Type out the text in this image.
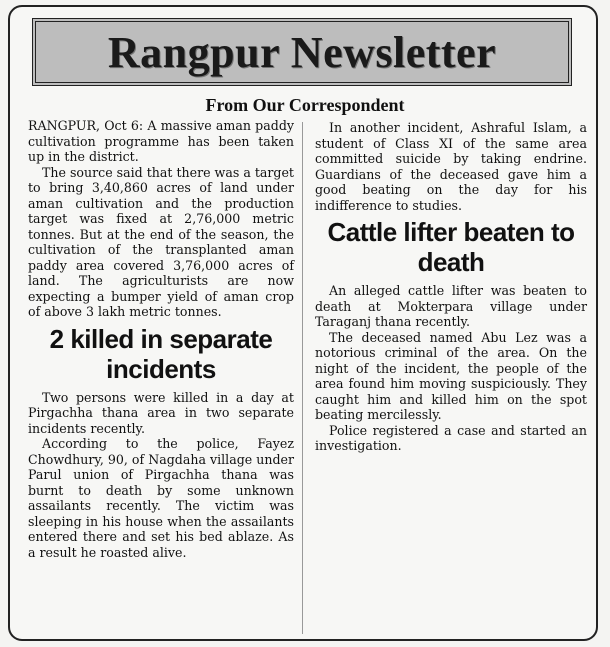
Rangpur Newsletter
From Our Correspondent

RANGPUR, Oct 6: A massive aman paddy cultivation programme has been taken up in the district.

The source said that there was a target to bring 3,40,860 acres of land under aman cultivation and the production target was fixed at 2,76,000 metric tonnes. But at the end of the season, the cultivation of the transplanted aman paddy area covered 3,76,000 acres of land. The agriculturists are now expecting a bumper yield of aman crop of above 3 lakh metric tonnes.

2 killed in separate incidents

Two persons were killed in a day at Pirgachha thana area in two separate incidents recently.

According to the police, Fayez Chowdhury, 90, of Nagdaha village under Parul union of Pirgachha thana was burnt to death by some unknown assailants recently. The victim was sleeping in his house when the assailants entered there and set his bed ablaze. As a result he roasted alive.

In another incident, Ashraful Islam, a student of Class XI of the same area committed suicide by taking endrine. Guardians of the deceased gave him a good beating on the day for his indifference to studies.

Cattle lifter beaten to death

An alleged cattle lifter was beaten to death at Mokterpara village under Taraganj thana recently.

The deceased named Abu Lez was a notorious criminal of the area. On the night of the incident, the people of the area found him moving suspiciously. They caught him and killed him on the spot beating mercilessly.

Police registered a case and started an investigation.
